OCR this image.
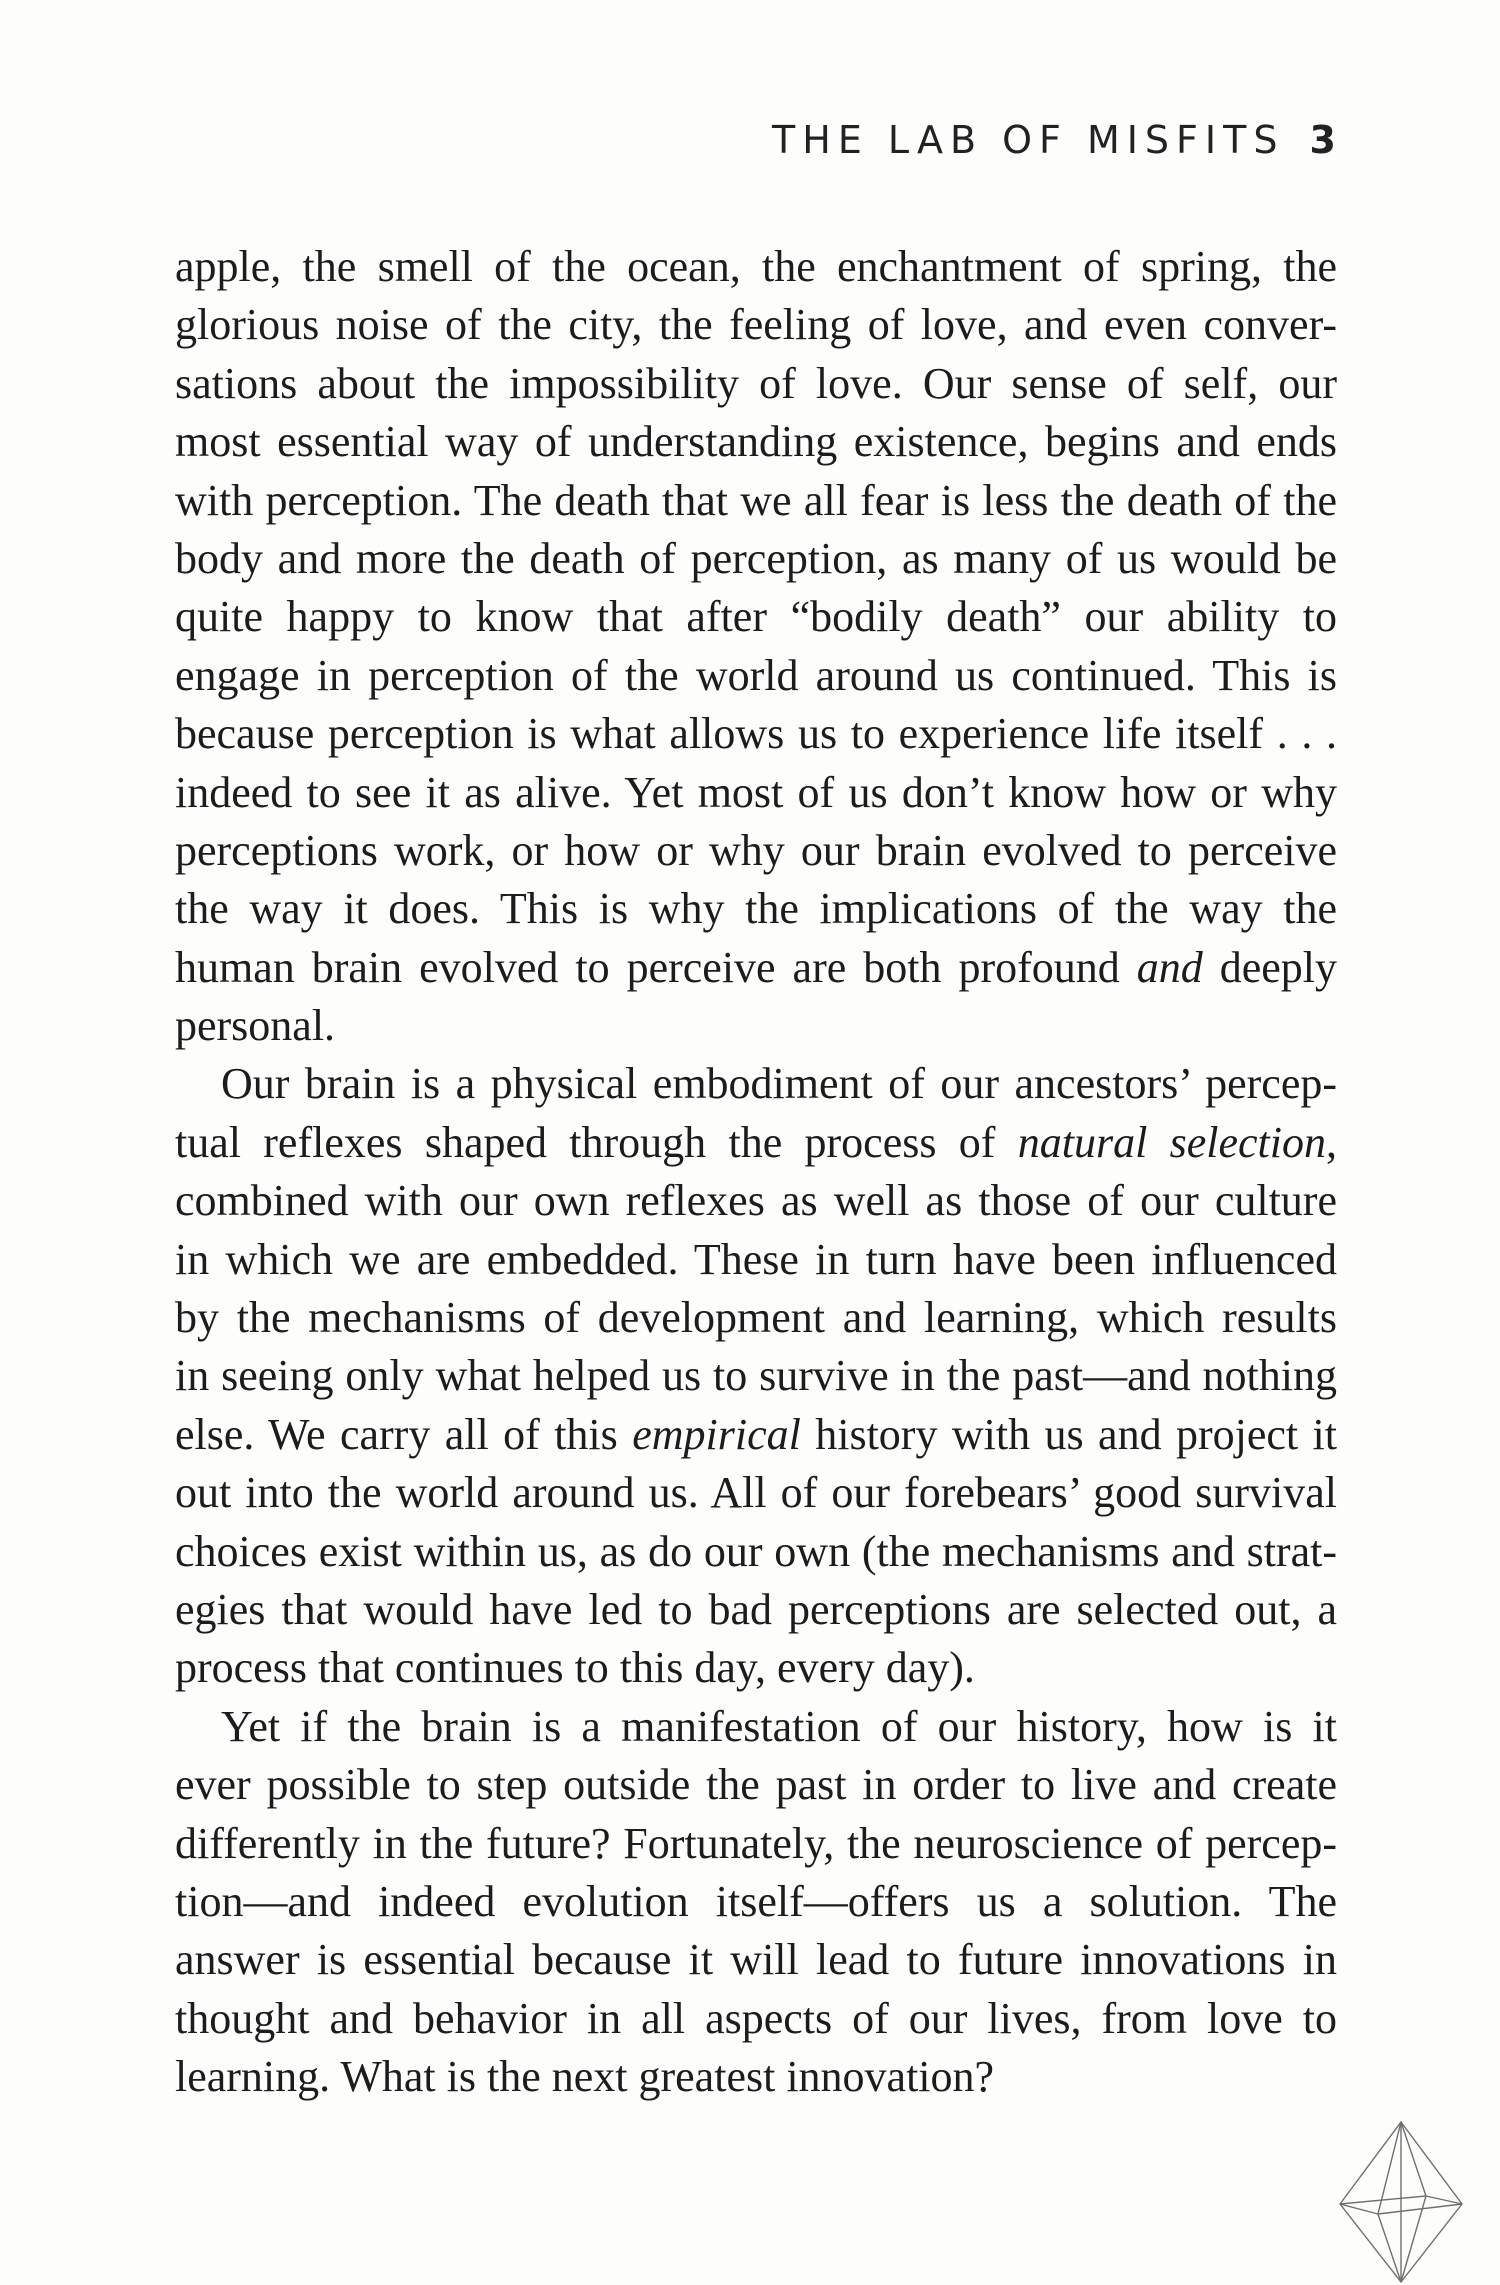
THE LAB OF MISFITS 3
apple, the smell of the ocean, the enchantment of spring, the
glorious noise of the city, the feeling of love, and even conver-
sations about the impossibility of love. Our sense of self, our
most essential way of understanding existence, begins and ends
with perception. The death that we all fear is less the death of the
body and more the death of perception, as many of us would be
quite happy to know that after “bodily death” our ability to
engage in perception of the world around us continued. This is
because perception is what allows us to experience life itself . . .
indeed to see it as alive. Yet most of us don’t know how or why
perceptions work, or how or why our brain evolved to perceive
the way it does. This is why the implications of the way the
human brain evolved to perceive are both profound and deeply
personal.
Our brain is a physical embodiment of our ancestors’ percep-
tual reflexes shaped through the process of natural selection,
combined with our own reflexes as well as those of our culture
in which we are embedded. These in turn have been influenced
by the mechanisms of development and learning, which results
in seeing only what helped us to survive in the past—and nothing
else. We carry all of this empirical history with us and project it
out into the world around us. All of our forebears’ good survival
choices exist within us, as do our own (the mechanisms and strat-
egies that would have led to bad perceptions are selected out, a
process that continues to this day, every day).
Yet if the brain is a manifestation of our history, how is it
ever possible to step outside the past in order to live and create
differently in the future? Fortunately, the neuroscience of percep-
tion—and indeed evolution itself—offers us a solution. The
answer is essential because it will lead to future innovations in
thought and behavior in all aspects of our lives, from love to
learning. What is the next greatest innovation?
